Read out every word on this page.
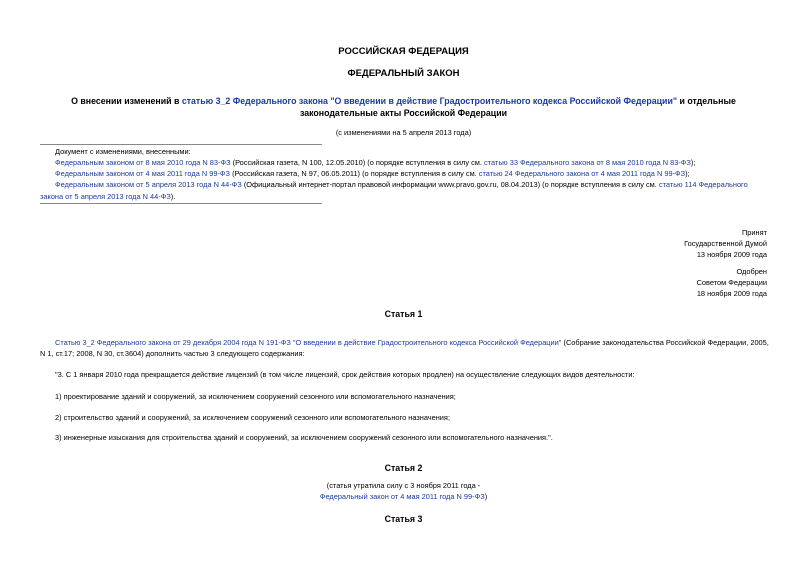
РОССИЙСКАЯ ФЕДЕРАЦИЯ
ФЕДЕРАЛЬНЫЙ ЗАКОН
О внесении изменений в статью 3_2 Федерального закона "О введении в действие Градостроительного кодекса Российской Федерации" и отдельные
законодательные акты Российской Федерации
(с изменениями на 5 апреля 2013 года)
Документ с изменениями, внесенными:
Федеральным законом от 8 мая 2010 года N 83-ФЗ (Российская газета, N 100, 12.05.2010) (о порядке вступления в силу см. статью 33 Федерального закона от 8 мая 2010 года N 83-ФЗ);
Федеральным законом от 4 мая 2011 года N 99-ФЗ (Российская газета, N 97, 06.05.2011) (о порядке вступления в силу см. статью 24 Федерального закона от 4 мая 2011 года N 99-ФЗ);
Федеральным законом от 5 апреля 2013 года N 44-ФЗ (Официальный интернет-портал правовой информации www.pravo.gov.ru, 08.04.2013) (о порядке вступления в силу см. статью 114 Федерального закона от 5 апреля 2013 года N 44-ФЗ).
Принят
Государственной Думой
13 ноября 2009 года
Одобрен
Советом Федерации
18 ноября 2009 года
Статья 1
Статью 3_2 Федерального закона от 29 декабря 2004 года N 191-ФЗ "О введении в действие Градостроительного кодекса Российской Федерации" (Собрание законодательства Российской Федерации, 2005, N 1, ст.17; 2008, N 30, ст.3604) дополнить частью 3 следующего содержания:
"3. С 1 января 2010 года прекращается действие лицензий (в том числе лицензий, срок действия которых продлен) на осуществление следующих видов деятельности:
1) проектирование зданий и сооружений, за исключением сооружений сезонного или вспомогательного назначения;
2) строительство зданий и сооружений, за исключением сооружений сезонного или вспомогательного назначения;
3) инженерные изыскания для строительства зданий и сооружений, за исключением сооружений сезонного или вспомогательного назначения.".
Статья 2
(статья утратила силу с 3 ноября 2011 года -
Федеральный закон от 4 мая 2011 года N 99-ФЗ)
Статья 3
